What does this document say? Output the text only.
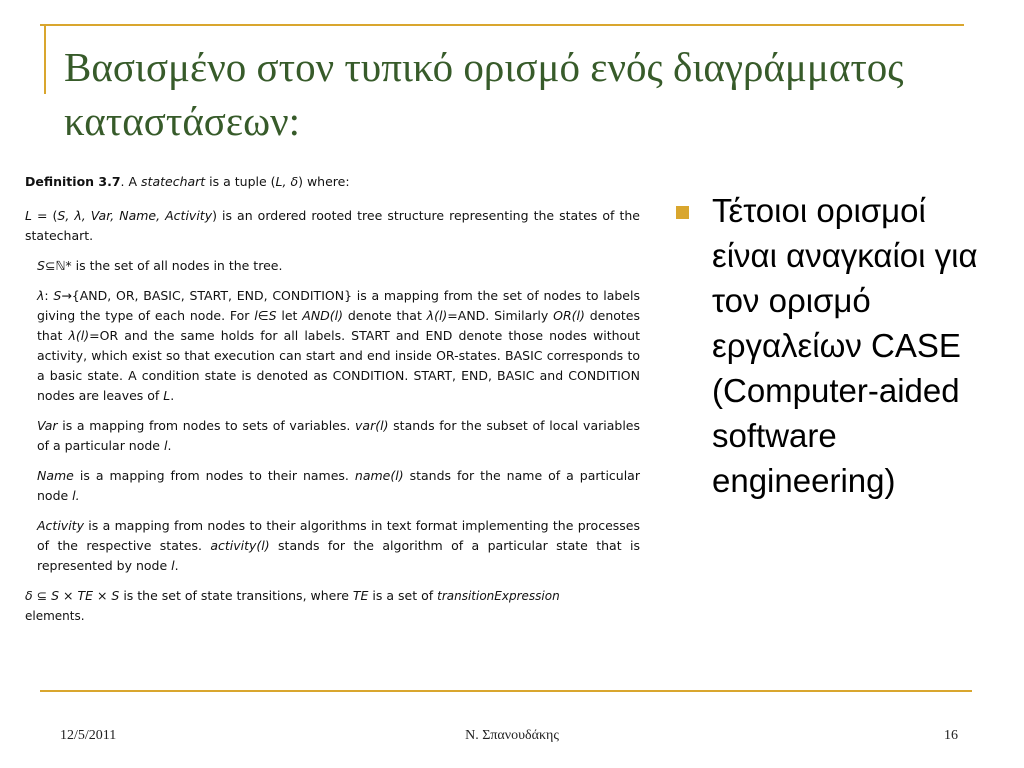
Βασισμένο στον τυπικό ορισμό ενός διαγράμματος καταστάσεων:

Definition 3.7. A statechart is a tuple (L, δ) where:

L = (S, λ, Var, Name, Activity) is an ordered rooted tree structure representing the states of the statechart.

S⊆ℕ* is the set of all nodes in the tree.

λ: S→{AND, OR, BASIC, START, END, CONDITION} is a mapping from the set of nodes to labels giving the type of each node. For l∈S let AND(l) denote that λ(l)=AND. Similarly OR(l) denotes that λ(l)=OR and the same holds for all labels. START and END denote those nodes without activity, which exist so that execution can start and end inside OR-states. BASIC corresponds to a basic state. A condition state is denoted as CONDITION. START, END, BASIC and CONDITION nodes are leaves of L.

Var is a mapping from nodes to sets of variables. var(l) stands for the subset of local variables of a particular node l.

Name is a mapping from nodes to their names. name(l) stands for the name of a particular node l.

Activity is a mapping from nodes to their algorithms in text format implementing the processes of the respective states. activity(l) stands for the algorithm of a particular state that is represented by node l.

δ ⊆ S × TE × S is the set of state transitions, where TE is a set of transitionExpression
elements.

Τέτοιοι ορισμοί είναι αναγκαίοι για τον ορισμό εργαλείων CASE (Computer-aided software engineering)
12/5/2011	Ν. Σπανουδάκης	16
